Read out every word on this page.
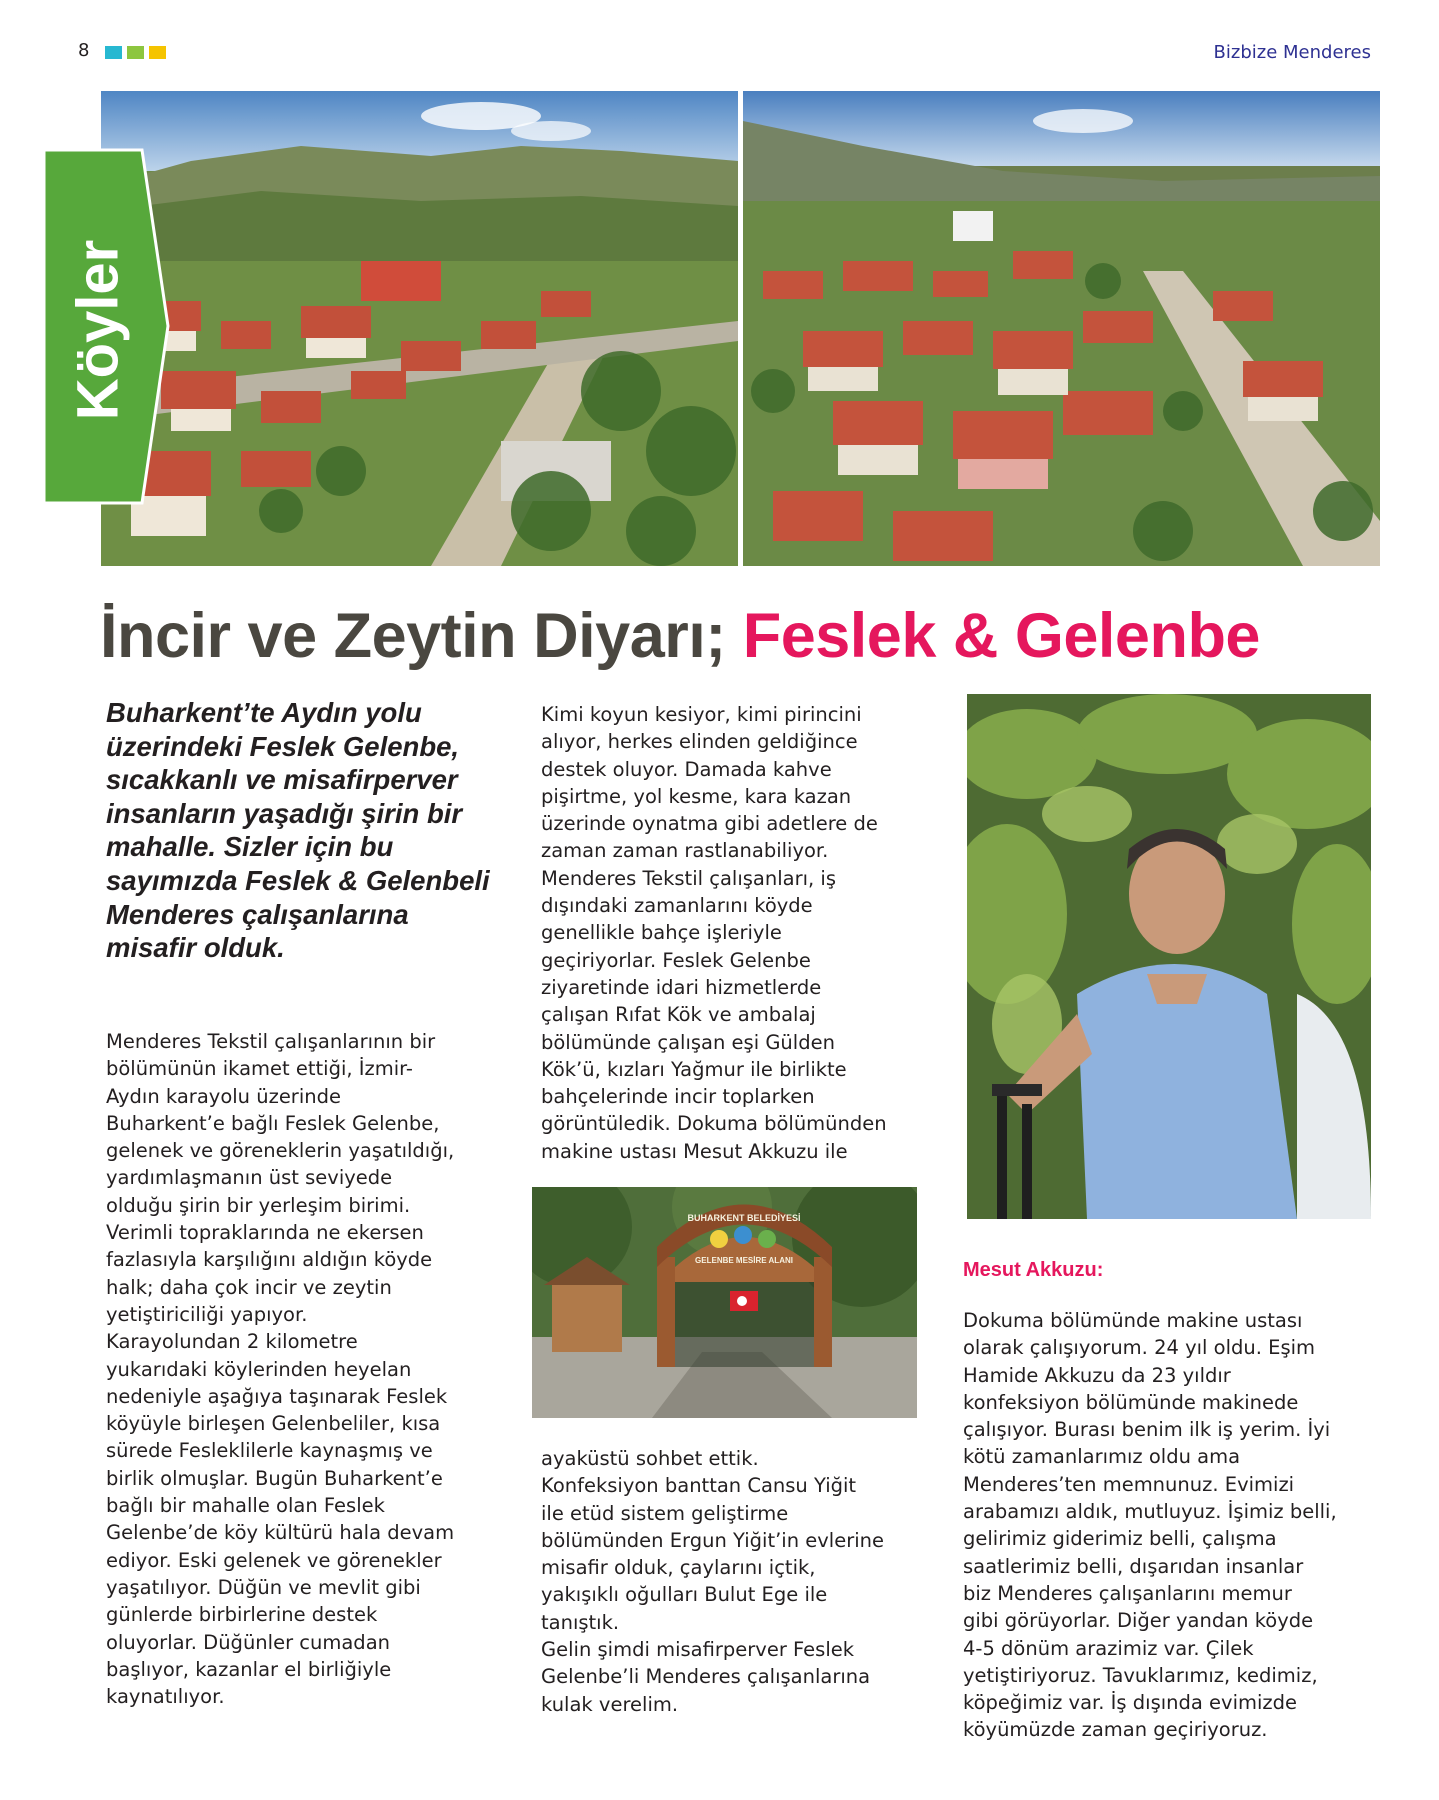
8	Bizbize Menderes
Köyler
İncir ve Zeytin Diyarı; Feslek & Gelenbe
Buharkent’te Aydın yolu üzerindeki Feslek Gelenbe, sıcakkanlı ve misafirperver insanların yaşadığı şirin bir mahalle. Sizler için bu sayımızda Feslek & Gelenbeli Menderes çalışanlarına misafir olduk.
Menderes Tekstil çalışanlarının bir
bölümünün ikamet ettiği, İzmir-
Aydın karayolu üzerinde
Buharkent’e bağlı Feslek Gelenbe,
gelenek ve göreneklerin yaşatıldığı,
yardımlaşmanın üst seviyede
olduğu şirin bir yerleşim birimi.
Verimli topraklarında ne ekersen
fazlasıyla karşılığını aldığın köyde
halk; daha çok incir ve zeytin
yetiştiriciliği yapıyor.
Karayolundan 2 kilometre
yukarıdaki köylerinden heyelan
nedeniyle aşağıya taşınarak Feslek
köyüyle birleşen Gelenbeliler, kısa
sürede Fesleklilerle kaynaşmış ve
birlik olmuşlar. Bugün Buharkent’e
bağlı bir mahalle olan Feslek
Gelenbe’de köy kültürü hala devam
ediyor. Eski gelenek ve görenekler
yaşatılıyor. Düğün ve mevlit gibi
günlerde birbirlerine destek
oluyorlar. Düğünler cumadan
başlıyor, kazanlar el birliğiyle
kaynatılıyor.
Kimi koyun kesiyor, kimi pirincini
alıyor, herkes elinden geldiğince
destek oluyor. Damada kahve
pişirtme, yol kesme, kara kazan
üzerinde oynatma gibi adetlere de
zaman zaman rastlanabiliyor.
Menderes Tekstil çalışanları, iş
dışındaki zamanlarını köyde
genellikle bahçe işleriyle
geçiriyorlar. Feslek Gelenbe
ziyaretinde idari hizmetlerde
çalışan Rıfat Kök ve ambalaj
bölümünde çalışan eşi Gülden
Kök’ü, kızları Yağmur ile birlikte
bahçelerinde incir toplarken
görüntüledik. Dokuma bölümünden
makine ustası Mesut Akkuzu ile
BUHARKENT BELEDİYESİ
GELENBE MESİRE ALANI
ayaküstü sohbet ettik.
Konfeksiyon banttan Cansu Yiğit
ile etüd sistem geliştirme
bölümünden Ergun Yiğit’in evlerine
misafir olduk, çaylarını içtik,
yakışıklı oğulları Bulut Ege ile
tanıştık.
Gelin şimdi misafirperver Feslek
Gelenbe’li Menderes çalışanlarına
kulak verelim.
Mesut Akkuzu:
Dokuma bölümünde makine ustası
olarak çalışıyorum. 24 yıl oldu. Eşim
Hamide Akkuzu da 23 yıldır
konfeksiyon bölümünde makinede
çalışıyor. Burası benim ilk iş yerim. İyi
kötü zamanlarımız oldu ama
Menderes’ten memnunuz. Evimizi
arabamızı aldık, mutluyuz. İşimiz belli,
gelirimiz giderimiz belli, çalışma
saatlerimiz belli, dışarıdan insanlar
biz Menderes çalışanlarını memur
gibi görüyorlar. Diğer yandan köyde
4-5 dönüm arazimiz var. Çilek
yetiştiriyoruz. Tavuklarımız, kedimiz,
köpeğimiz var. İş dışında evimizde
köyümüzde zaman geçiriyoruz.
